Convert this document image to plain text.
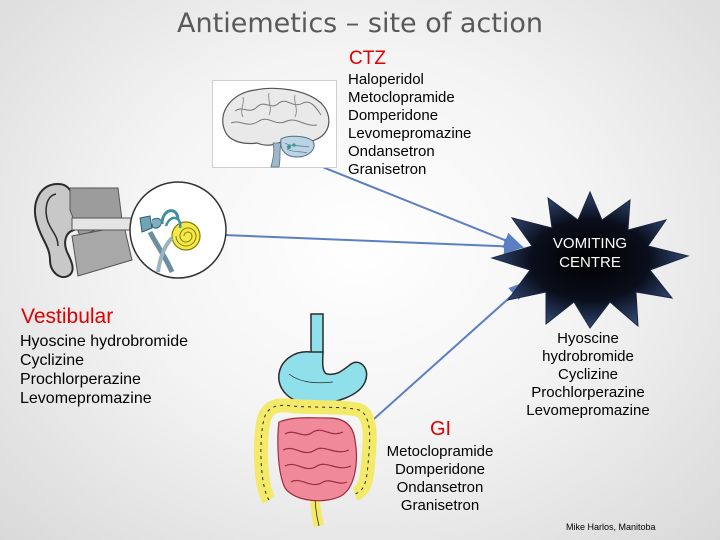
Antiemetics – site of action
CTZ
Haloperidol
Metoclopramide
Domperidone
Levomepromazine
Ondansetron
Granisetron
VOMITING
CENTRE
Hyoscine
hydrobromide
Cyclizine
Prochlorperazine
Levomepromazine
Vestibular
Hyoscine hydrobromide
Cyclizine
Prochlorperazine
Levomepromazine
GI
Metoclopramide
Domperidone
Ondansetron
Granisetron
Mike Harlos, Manitoba
